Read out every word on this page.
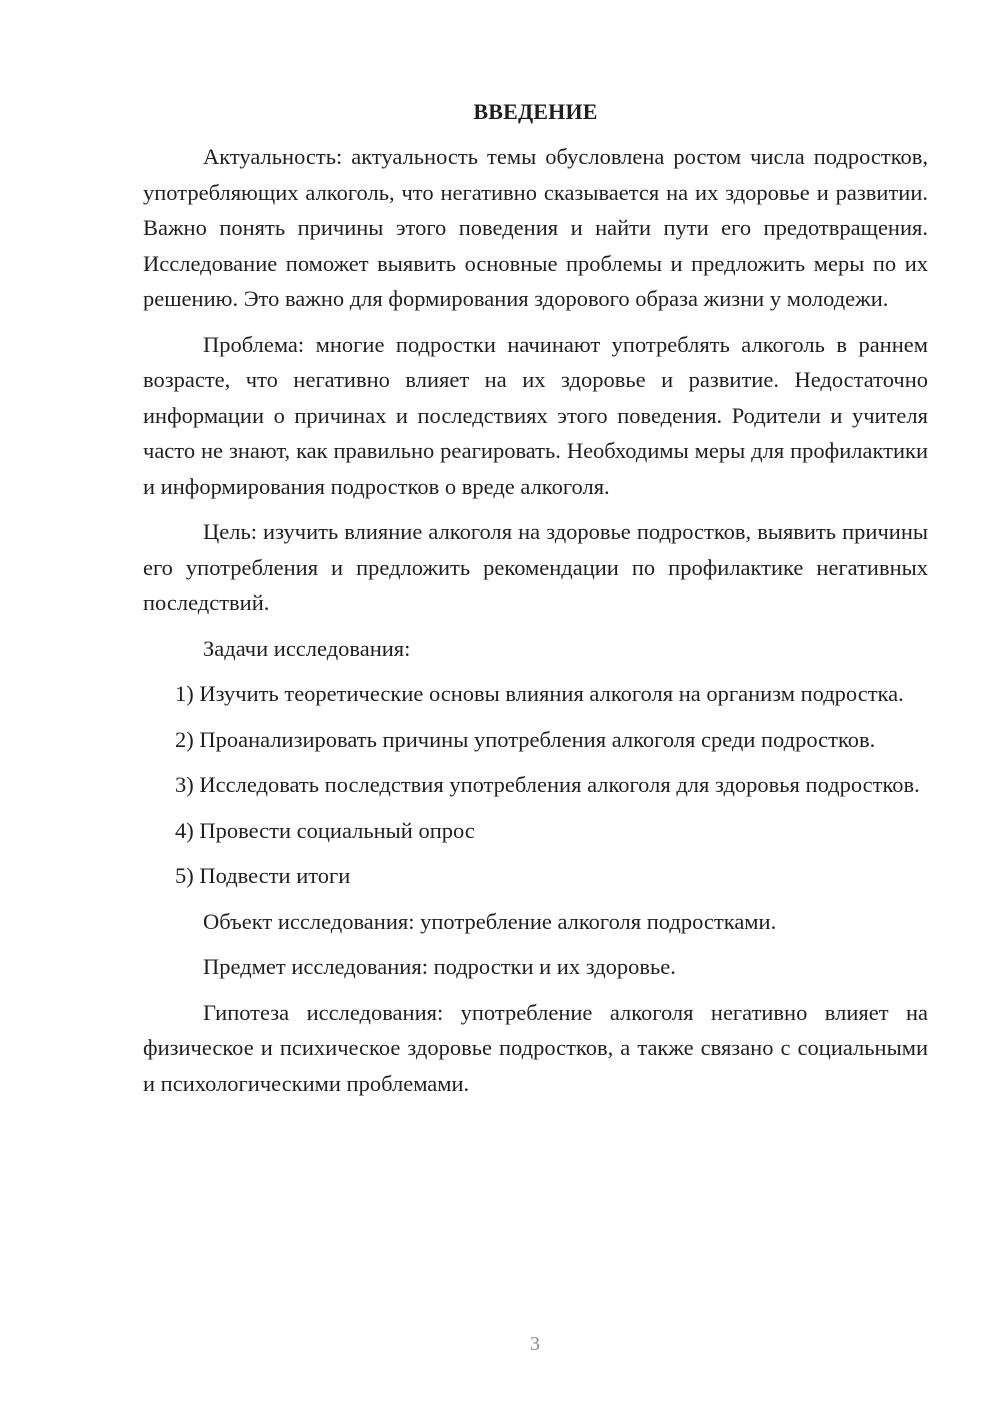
ВВЕДЕНИЕ

Актуальность: актуальность темы обусловлена ростом числа подростков, употребляющих алкоголь, что негативно сказывается на их здоровье и развитии. Важно понять причины этого поведения и найти пути его предотвращения. Исследование поможет выявить основные проблемы и предложить меры по их решению. Это важно для формирования здорового образа жизни у молодежи.

Проблема: многие подростки начинают употреблять алкоголь в раннем возрасте, что негативно влияет на их здоровье и развитие. Недостаточно информации о причинах и последствиях этого поведения. Родители и учителя часто не знают, как правильно реагировать. Необходимы меры для профилактики и информирования подростков о вреде алкоголя.

Цель: изучить влияние алкоголя на здоровье подростков, выявить причины его употребления и предложить рекомендации по профилактике негативных последствий.

Задачи исследования:

1) Изучить теоретические основы влияния алкоголя на организм подростка.

2) Проанализировать причины употребления алкоголя среди подростков.

3) Исследовать последствия употребления алкоголя для здоровья подростков.

4) Провести социальный опрос

5) Подвести итоги

Объект исследования: употребление алкоголя подростками.

Предмет исследования: подростки и их здоровье.

Гипотеза исследования: употребление алкоголя негативно влияет на физическое и психическое здоровье подростков, а также связано с социальными и психологическими проблемами.

3
